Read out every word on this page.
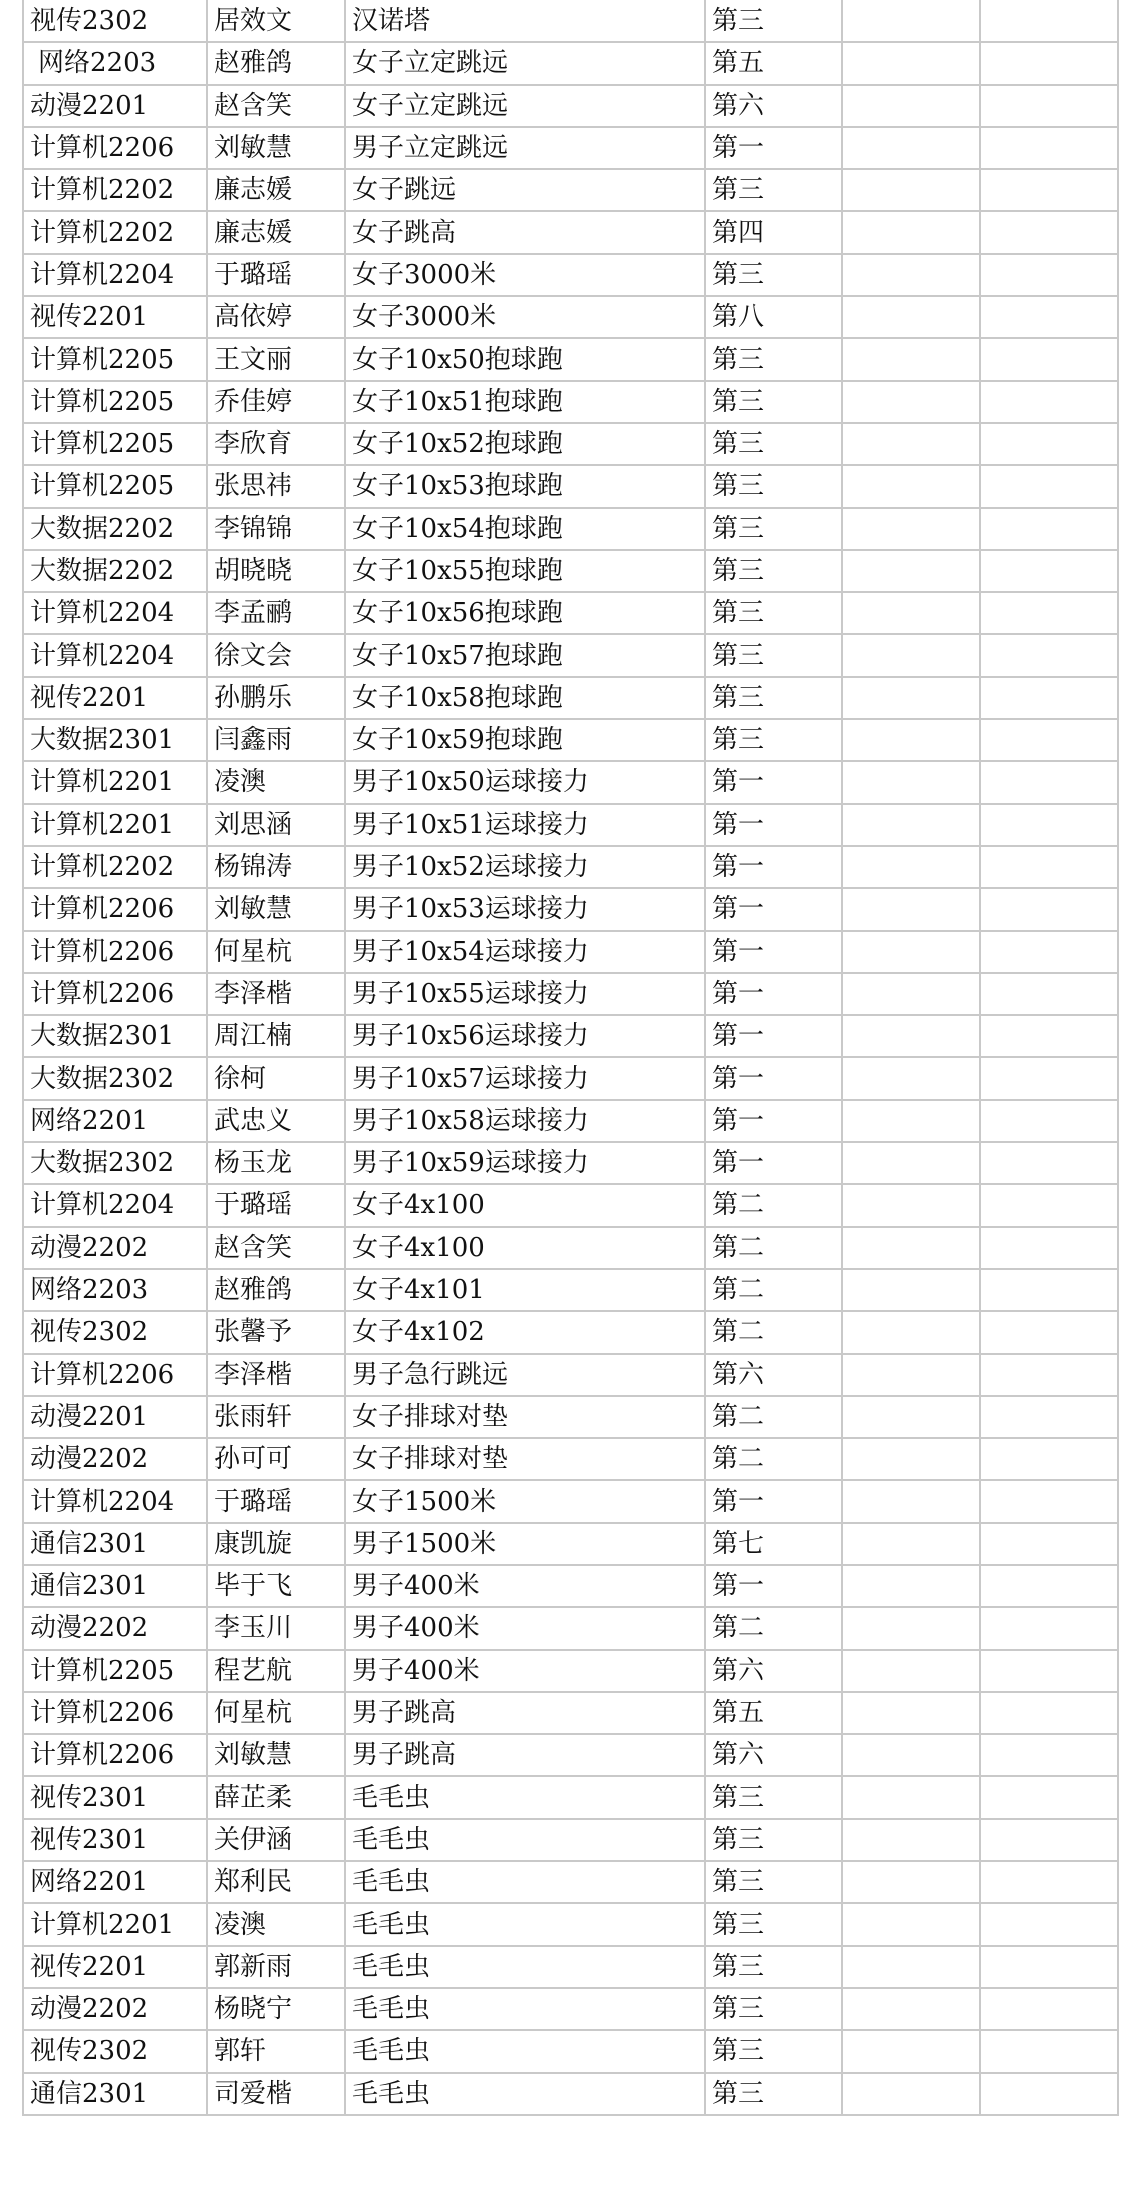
视传2302	居效文	汉诺塔	第三		
网络2203	赵雅鸽	女子立定跳远	第五		
动漫2201	赵含笑	女子立定跳远	第六		
计算机2206	刘敏慧	男子立定跳远	第一		
计算机2202	廉志媛	女子跳远	第三		
计算机2202	廉志媛	女子跳高	第四		
计算机2204	于璐瑶	女子3000米	第三		
视传2201	高依婷	女子3000米	第八		
计算机2205	王文丽	女子10x50抱球跑	第三		
计算机2205	乔佳婷	女子10x51抱球跑	第三		
计算机2205	李欣育	女子10x52抱球跑	第三		
计算机2205	张思祎	女子10x53抱球跑	第三		
大数据2202	李锦锦	女子10x54抱球跑	第三		
大数据2202	胡晓晓	女子10x55抱球跑	第三		
计算机2204	李孟鹂	女子10x56抱球跑	第三		
计算机2204	徐文会	女子10x57抱球跑	第三		
视传2201	孙鹏乐	女子10x58抱球跑	第三		
大数据2301	闫鑫雨	女子10x59抱球跑	第三		
计算机2201	凌澳	男子10x50运球接力	第一		
计算机2201	刘思涵	男子10x51运球接力	第一		
计算机2202	杨锦涛	男子10x52运球接力	第一		
计算机2206	刘敏慧	男子10x53运球接力	第一		
计算机2206	何星杭	男子10x54运球接力	第一		
计算机2206	李泽楷	男子10x55运球接力	第一		
大数据2301	周江楠	男子10x56运球接力	第一		
大数据2302	徐柯	男子10x57运球接力	第一		
网络2201	武忠义	男子10x58运球接力	第一		
大数据2302	杨玉龙	男子10x59运球接力	第一		
计算机2204	于璐瑶	女子4x100	第二		
动漫2202	赵含笑	女子4x100	第二		
网络2203	赵雅鸽	女子4x101	第二		
视传2302	张馨予	女子4x102	第二		
计算机2206	李泽楷	男子急行跳远	第六		
动漫2201	张雨轩	女子排球对垫	第二		
动漫2202	孙可可	女子排球对垫	第二		
计算机2204	于璐瑶	女子1500米	第一		
通信2301	康凯旋	男子1500米	第七		
通信2301	毕于飞	男子400米	第一		
动漫2202	李玉川	男子400米	第二		
计算机2205	程艺航	男子400米	第六		
计算机2206	何星杭	男子跳高	第五		
计算机2206	刘敏慧	男子跳高	第六		
视传2301	薛芷柔	毛毛虫	第三		
视传2301	关伊涵	毛毛虫	第三		
网络2201	郑利民	毛毛虫	第三		
计算机2201	凌澳	毛毛虫	第三		
视传2201	郭新雨	毛毛虫	第三		
动漫2202	杨晓宁	毛毛虫	第三		
视传2302	郭轩	毛毛虫	第三		
通信2301	司爱楷	毛毛虫	第三		
